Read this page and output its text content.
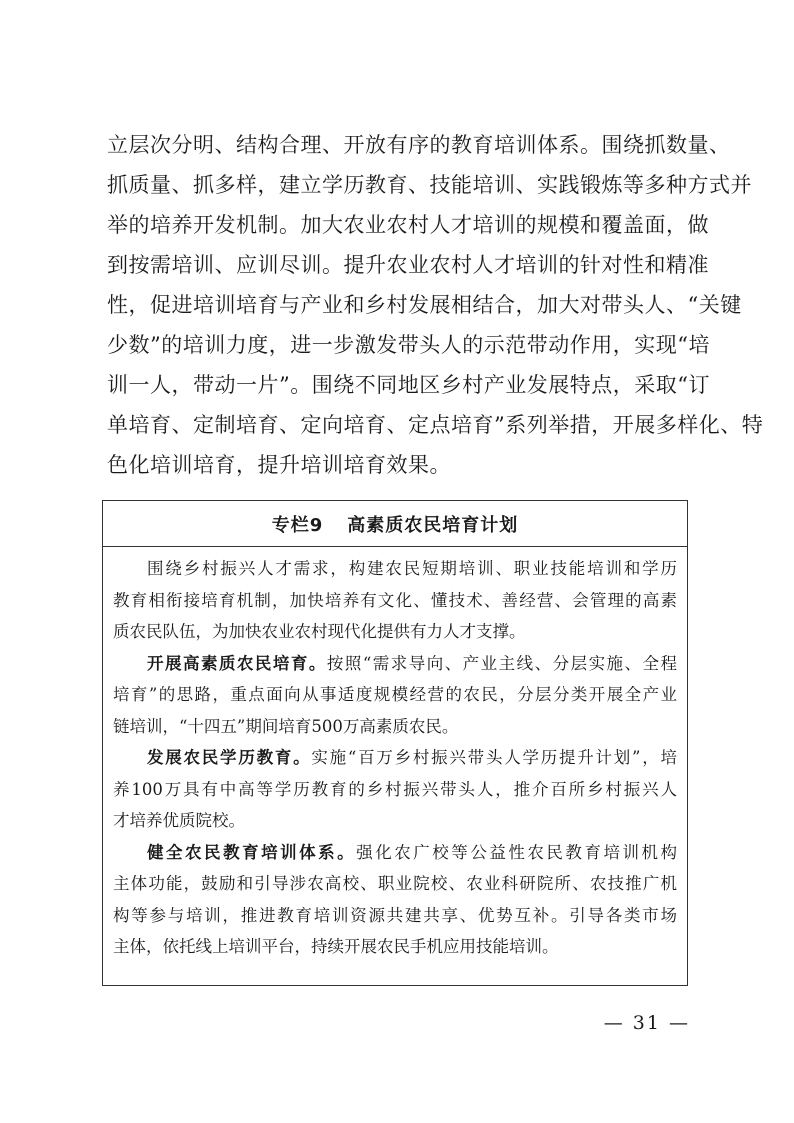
立层次分明、结构合理、开放有序的教育培训体系。围绕抓数量、
抓质量、抓多样，建立学历教育、技能培训、实践锻炼等多种方式并
举的培养开发机制。加大农业农村人才培训的规模和覆盖面，做
到按需培训、应训尽训。提升农业农村人才培训的针对性和精准
性，促进培训培育与产业和乡村发展相结合，加大对带头人、“关键
少数”的培训力度，进一步激发带头人的示范带动作用，实现“培
训一人，带动一片”。围绕不同地区乡村产业发展特点，采取“订
单培育、定制培育、定向培育、定点培育”系列举措，开展多样化、特
色化培训培育，提升培训培育效果。
专栏9 高素质农民培育计划
围绕乡村振兴人才需求，构建农民短期培训、职业技能培训和学历
教育相衔接培育机制，加快培养有文化、懂技术、善经营、会管理的高素
质农民队伍，为加快农业农村现代化提供有力人才支撑。
开展高素质农民培育。按照“需求导向、产业主线、分层实施、全程
培育”的思路，重点面向从事适度规模经营的农民，分层分类开展全产业
链培训，“十四五”期间培育500万高素质农民。
发展农民学历教育。实施“百万乡村振兴带头人学历提升计划”，培
养100万具有中高等学历教育的乡村振兴带头人，推介百所乡村振兴人
才培养优质院校。
健全农民教育培训体系。强化农广校等公益性农民教育培训机构
主体功能，鼓励和引导涉农高校、职业院校、农业科研院所、农技推广机
构等参与培训，推进教育培训资源共建共享、优势互补。引导各类市场
主体，依托线上培训平台，持续开展农民手机应用技能培训。
— 31 —
